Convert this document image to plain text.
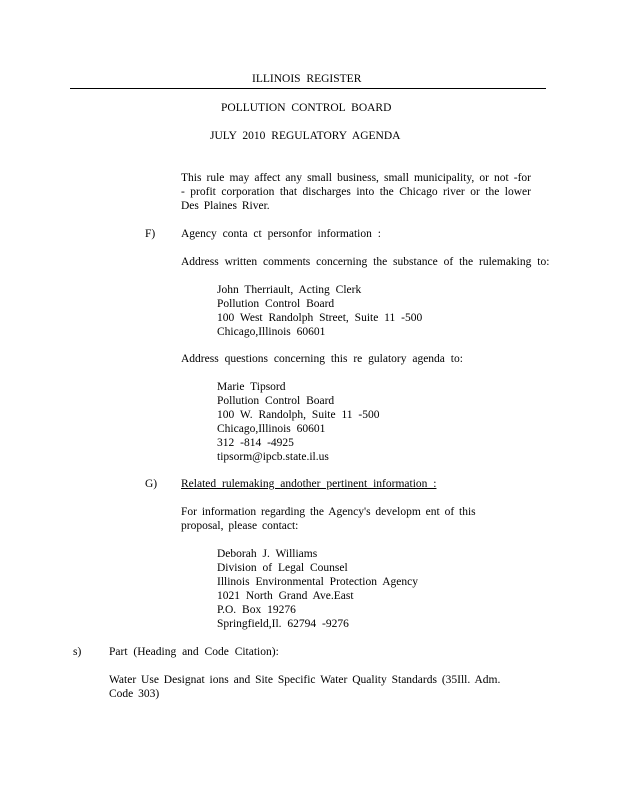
ILLINOIS REGISTER
POLLUTION CONTROL BOARD
JULY 2010 REGULATORY AGENDA
This rule may affect any small business, small municipality, or not -for - profit corporation that discharges into the Chicago river or the lower Des Plaines River.
F) Agency conta ct personfor information :
Address written comments concerning the substance of the rulemaking to:
John Therriault, Acting Clerk
Pollution Control Board
100 West Randolph Street, Suite 11 -500
Chicago,Illinois 60601
Address questions concerning this re gulatory agenda to:
Marie Tipsord
Pollution Control Board
100 W. Randolph, Suite 11 -500
Chicago,Illinois 60601
312 -814 -4925
tipsorm@ipcb.state.il.us
G) Related rulemaking andother pertinent information :
For information regarding the Agency's developm ent of this proposal, please contact:
Deborah J. Williams
Division of Legal Counsel
Illinois Environmental Protection Agency
1021 North Grand Ave.East
P.O. Box 19276
Springfield,Il. 62794 -9276
s) Part (Heading and Code Citation):
Water Use Designat ions and Site Specific Water Quality Standards (35Ill. Adm. Code 303)
